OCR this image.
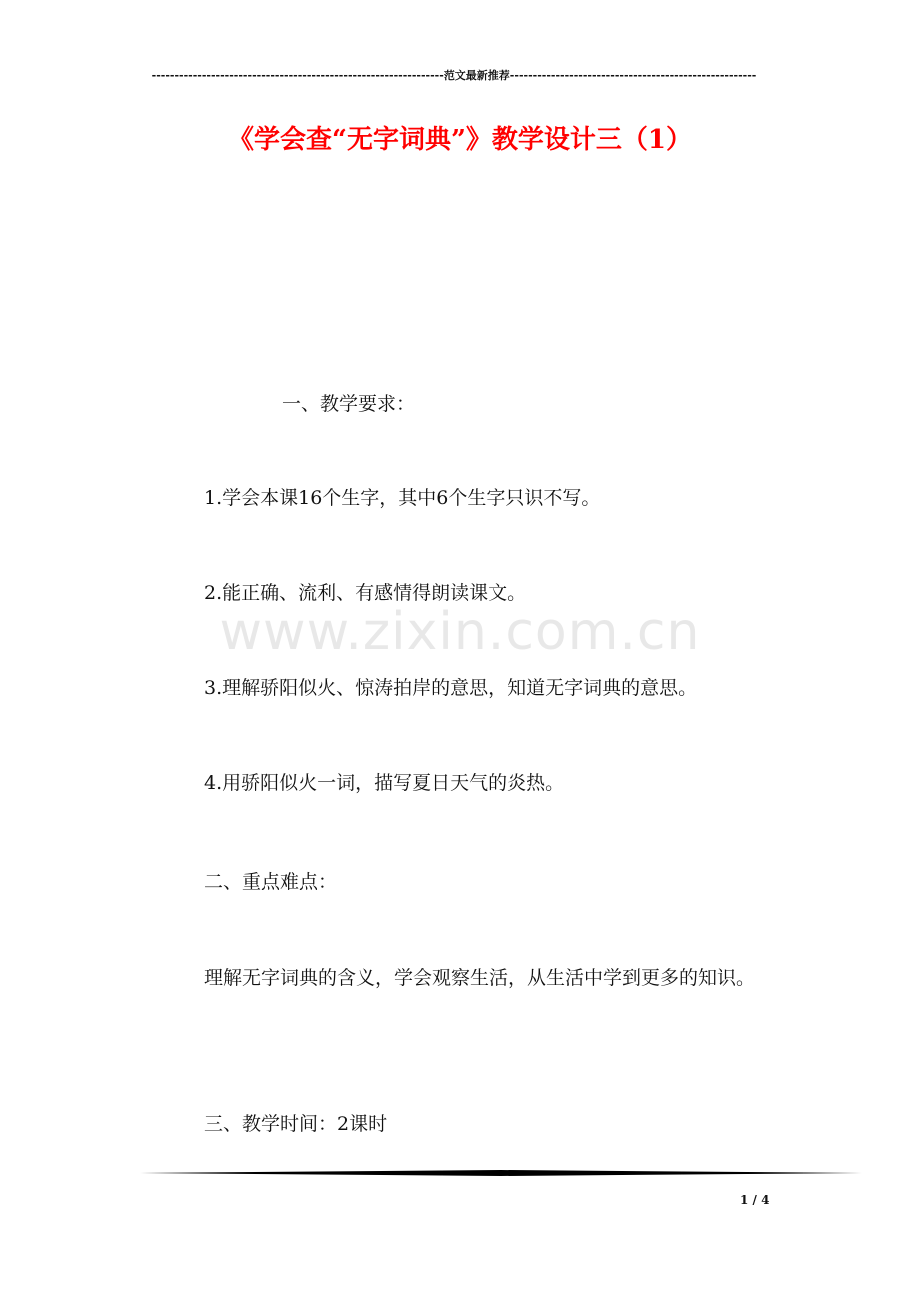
----------------------------------------------------------------范文最新推荐------------------------------------------------------
《学会查“无字词典”》教学设计三（1）
www.zixin.com.cn
一、教学要求：
1.学会本课16个生字，其中6个生字只识不写。
2.能正确、流利、有感情得朗读课文。
3.理解骄阳似火、惊涛拍岸的意思，知道无字词典的意思。
4.用骄阳似火一词，描写夏日天气的炎热。
二、重点难点：
理解无字词典的含义，学会观察生活，从生活中学到更多的知识。
三、教学时间：2课时
1 / 4
